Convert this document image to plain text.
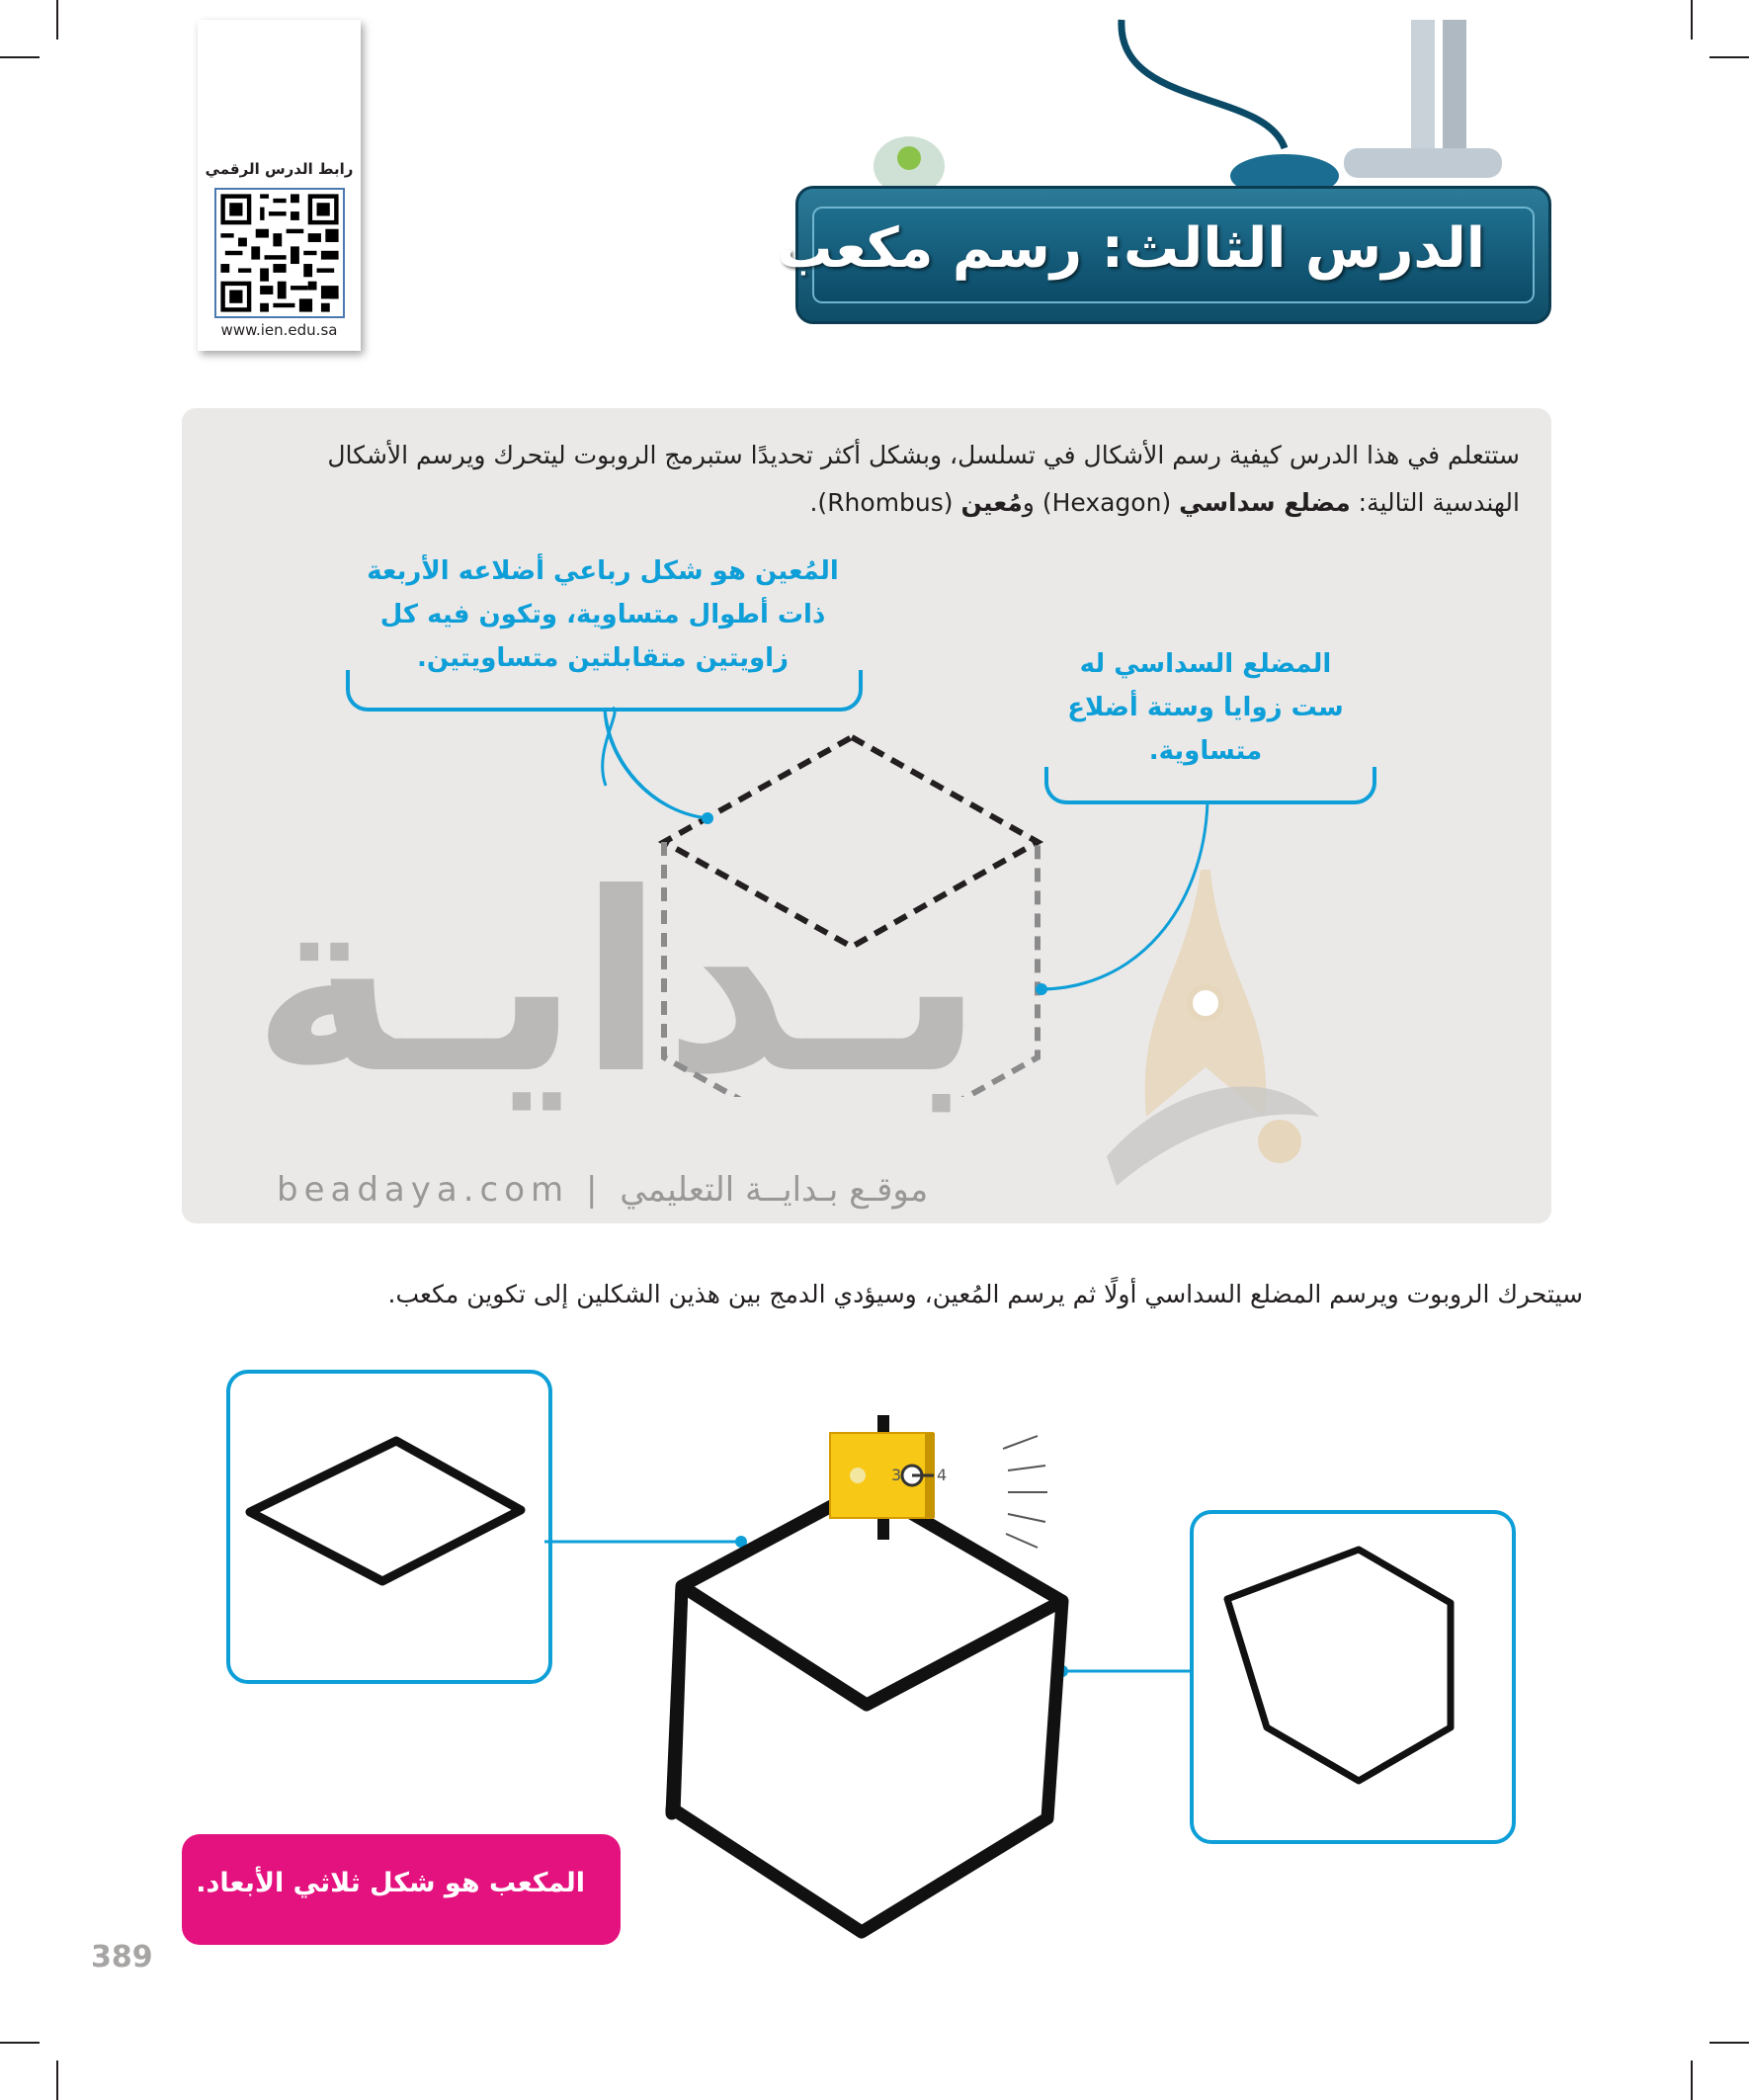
رابط الدرس الرقمي
www.ien.edu.sa
الدرس الثالث: رسم مكعب
بـدايـة
beadaya.com | موقـع بـدايــة التعليمي
ستتعلم في هذا الدرس كيفية رسم الأشكال في تسلسل، وبشكل أكثر تحديدًا ستبرمج الروبوت ليتحرك ويرسم الأشكال
الهندسية التالية: مضلع سداسي (Hexagon) ومُعين (Rhombus).
المُعين هو شكل رباعي أضلاعه الأربعة
ذات أطوال متساوية، وتكون فيه كل
زاويتين متقابلتين متساويتين.	المضلع السداسي له
ست زوايا وستة أضلاع
متساوية.
سيتحرك الروبوت ويرسم المضلع السداسي أولًا ثم يرسم المُعين، وسيؤدي الدمج بين هذين الشكلين إلى تكوين مكعب.
3 4
المكعب هو شكل ثلاثي الأبعاد.
389
